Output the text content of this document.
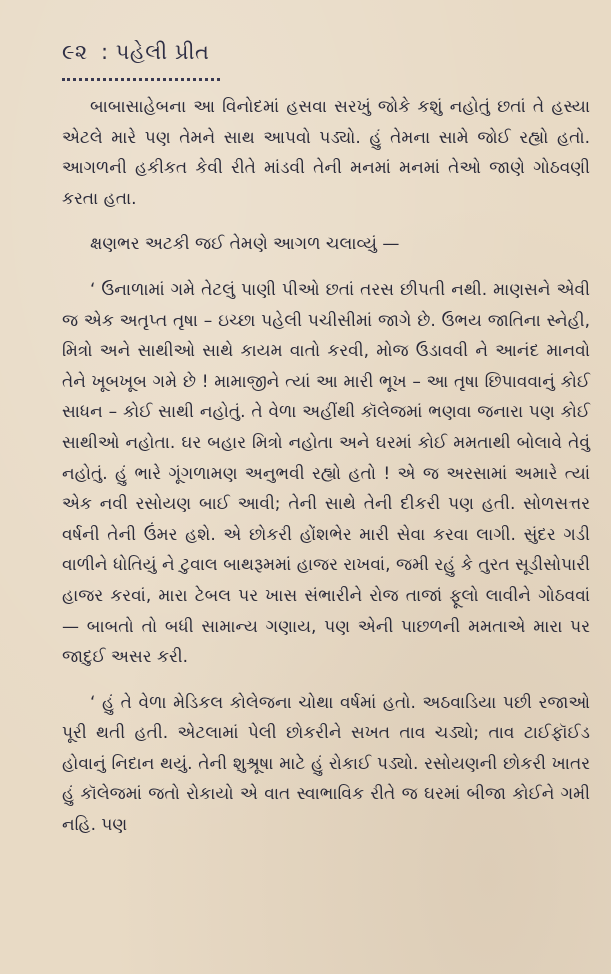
૯૨ : પહેલી પ્રીત

બાબાસાહેબના આ વિનોદમાં હસવા સરખું જોકે કશું નહોતું છતાં તે હસ્યા એટલે મારે પણ તેમને સાથ આપવો પડ્યો. હું તેમના સામે જોઈ રહ્યો હતો. આગળની હકીકત કેવી રીતે માંડવી તેની મનમાં મનમાં તેઓ જાણે ગોઠવણી કરતા હતા.

ક્ષણભર અટકી જઈ તેમણે આગળ ચલાવ્યું —

‘ ઉનાળામાં ગમે તેટલું પાણી પીઓ છતાં તરસ છીપતી નથી. માણસને એવી જ એક અતૃપ્ત તૃષા – ઇચ્છા પહેલી પચીસીમાં જાગે છે. ઉભય જાતિના સ્નેહી, મિત્રો અને સાથીઓ સાથે કાયમ વાતો કરવી, મોજ ઉડાવવી ને આનંદ માનવો તેને ખૂબખૂબ ગમે છે ! મામાજીને ત્યાં આ મારી ભૂખ – આ તૃષા છિપાવવાનું કોઈ સાધન – કોઈ સાથી નહોતું. તે વેળા અહીંથી કૉલેજમાં ભણવા જનારા પણ કોઈ સાથીઓ નહોતા. ઘર બહાર મિત્રો નહોતા અને ઘરમાં કોઈ મમતાથી બોલાવે તેવું નહોતું. હું ભારે ગૂંગળામણ અનુભવી રહ્યો હતો ! એ જ અરસામાં અમારે ત્યાં એક નવી રસોયણ બાઈ આવી; તેની સાથે તેની દીકરી પણ હતી. સોળસત્તર વર્ષની તેની ઉંમર હશે. એ છોકરી હોંશભેર મારી સેવા કરવા લાગી. સુંદર ગડી વાળીને ધોતિયું ને ટુવાલ બાથરૂમમાં હાજર રાખવાં, જમી રહું કે તુરત સૂડીસોપારી હાજર કરવાં, મારા ટેબલ પર ખાસ સંભારીને રોજ તાજાં ફૂલો લાવીને ગોઠવવાં — બાબતો તો બધી સામાન્ય ગણાય, પણ એની પાછળની મમતાએ મારા પર જાદુઈ અસર કરી.

‘ હું તે વેળા મેડિકલ કોલેજના ચોથા વર્ષમાં હતો. અઠવાડિયા પછી રજાઓ પૂરી થતી હતી. એટલામાં પેલી છોકરીને સખત તાવ ચડ્યો; તાવ ટાઈફૉઈડ હોવાનું નિદાન થયું. તેની શુશ્રૂષા માટે હું રોકાઈ પડ્યો. રસોયણની છોકરી ખાતર હું કૉલેજમાં જતો રોકાયો એ વાત સ્વાભાવિક રીતે જ ઘરમાં બીજા કોઈને ગમી નહિ. પણ
